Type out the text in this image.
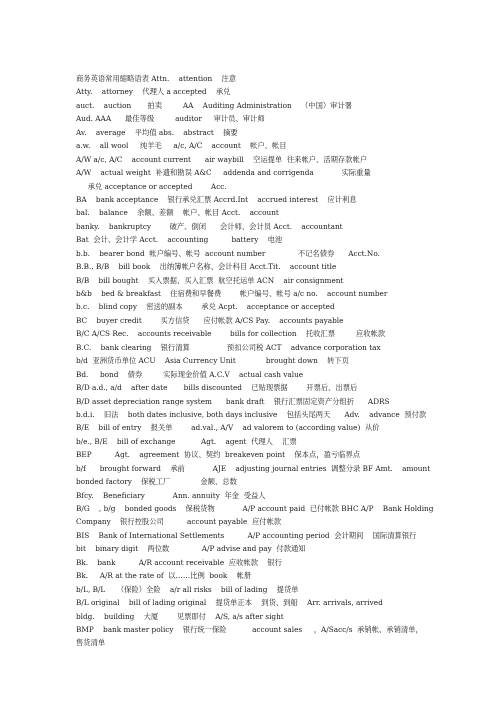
商务英语常用缩略语表 Attn.    attention    注意
Atty.    attorney    代理人 a accepted    承兑
auct.    auction       拍卖         AA    Auditing Administration    （中国）审计署
Aud. AAA      最佳等级         auditor     审计员、审计师
Av.    average    平均值 abs.    abstract    摘要
a.w.    all wool     纯羊毛     a/c, A/C    account    帐户、帐目
A/W a/c, A/C    account current      air waybill    空运提单  往来帐户、活期存款帐户
A/W    actual weight  补遗和勘误 A&C     addenda and corrigenda            实际重量
承兑 acceptance or accepted        Acc.
BA    bank acceptance    银行承兑汇票 Accrd.Int    accrued interest    应计利息
bal.    balance    余额、差额    帐户、帐目 Acct.    account
banky.    bankruptcy        破产、倒闭      会计师、会计员 Acct.    accountant
Bat  会计、会计学 Acct.    accounting          battery    电池
b.b.    bearer bond  帐户编号、帐号  account number              不记名债券      Acct.No.
B.B., B/B    bill book    出纳簿帐户名称、会计科目 Acct.Tit.    account title
B/B    bill bought    买入票据、买入汇票  航空托运单 ACN    air consignment
b&b    bed & breakfast    住宿费和早餐费        帐户编号、帐号 a/c no.    account number
b.c.    blind copy    密送的副本        承兑 Acpt.    acceptance or accepted
BC    buyer credit        买方信贷      应付帐款 A/CS Pay.    accounts payable
B/C A/CS Rec.    accounts receivable        bills for collection    托收汇票         应收帐款
B.C.    bank clearing    银行清算                预扣公司税 ACT    advance corporation tax
b/d  亚洲货币单位 ACU    Asia Currency Unit             brought down    转下页
Bd.     bond    债券         实际现金价值 A.C.V    actual cash value
B/D a.d., a/d    after date       bills discounted    已贴现票据        开票后、出票后
B/D asset depreciation range system      bank draft    银行汇票固定资产分组折      ADRS
b.d.i.    旧法    both dates inclusive, both days inclusive    包括头尾两天      Adv.    advance  预付款
B/E    bill of entry    报关单        ad.val., A/V    ad valorem to (according value)  从价
b/e., B/E    bill of exchange           Agt.    agent  代理人    汇票
BEP          Agt.    agreement  协议、契约  breakeven point    保本点，盈亏临界点
b/f      brought forward    承前            AJE    adjusting journal entries  调整分录 BF Amt.    amount
bonded factory    保税工厂             金额、总数
Bfcy.    Beneficiary            Ann. annuity  年金  受益人
B/G    , b/g    bonded goods    保税货物            A/P account paid  已付帐款 BHC A/P    Bank Holding
Company    银行控股公司          account payable  应付帐款
BIS    Bank of International Settlements          A/P accounting period  会计期间    国际清算银行
bit    binary digit    两位数              A/P advise and pay  付款通知
Bk.    bank          A/R account receivable  应收帐款    银行
Bk.     A/R at the rate of  以……比例  book    帐册
b/L, B/L     （保险）全险    a/r all risks    bill of lading    提货单
B/L original    bill of lading original    提货单正本    到货、到船    Arr. arrivals, arrived
bldg.    building    大厦        见票即付    A/S, a/s after sight
BMP    bank master policy    银行统一保险           account sales     ，A/Sacc/s  承销帐、承销清单，
售货清单
